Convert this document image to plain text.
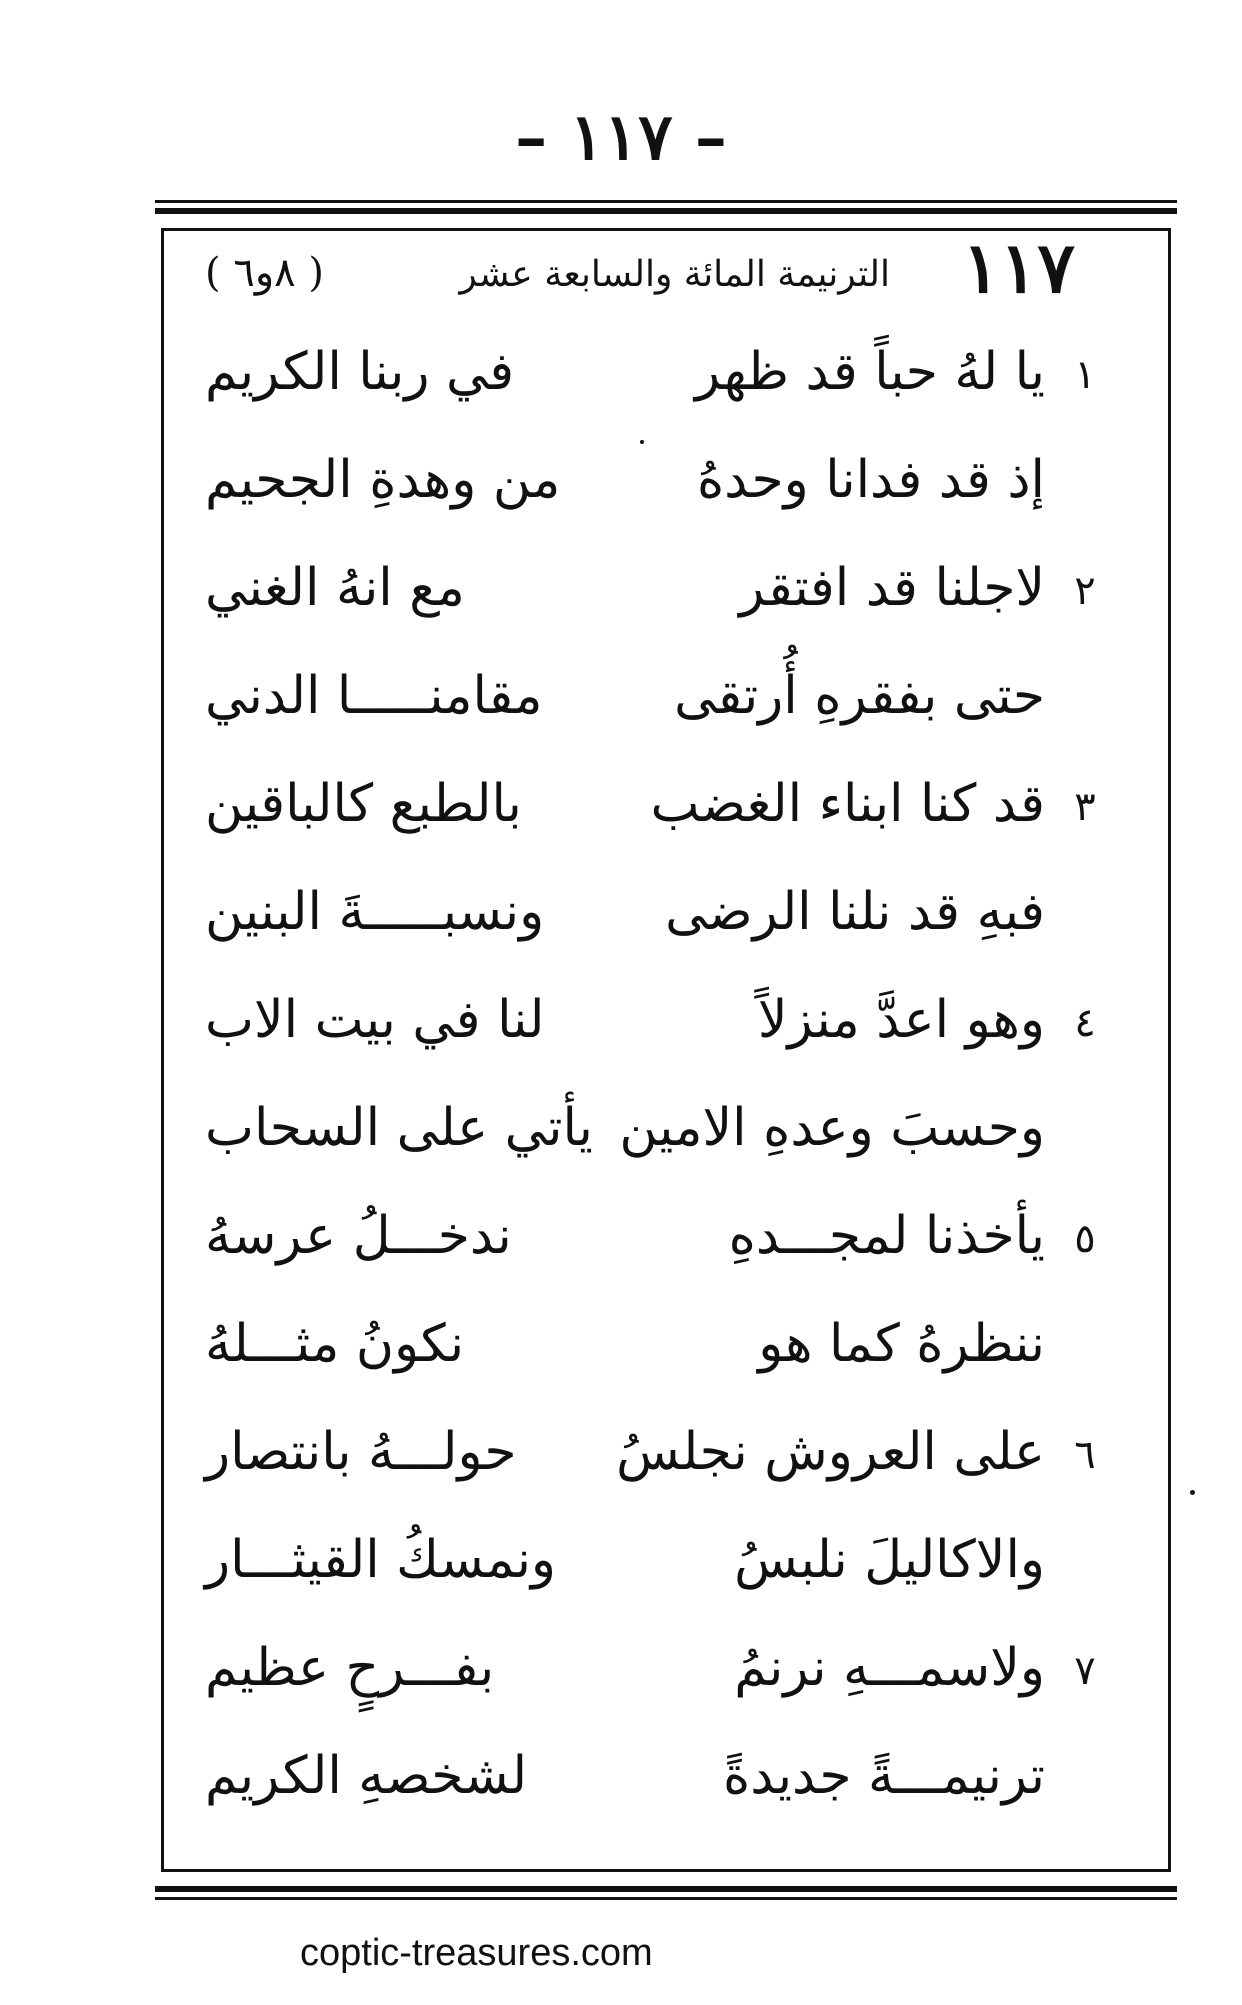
– ١١٧ –
١١٧
الترنيمة المائة والسابعة عشر
( ٨و٦ )
١
يا لهُ حباً قد ظهر
في ربنا الكريم
إذ قد فدانا وحدهُ
من وهدةِ الجحيم
٢
لاجلنا قد افتقر
مع انهُ الغني
حتى بفقرهِ أُرتقى
مقامنـــــا الدني
٣
قد كنا ابناء الغضب
بالطبع كالباقين
فبهِ قد نلنا الرضى
ونسبـــــةَ البنين
٤
وهو اعدَّ منزلاً
لنا في بيت الاب
وحسبَ وعدهِ الامين
يأتي على السحاب
٥
يأخذنا لمجـــدهِ
ندخـــلُ عرسهُ
ننظرهُ كما هو
نكونُ مثـــلهُ
٦
على العروش نجلسُ
حولـــهُ بانتصار
والاكاليلَ نلبسُ
ونمسكُ القيثـــار
٧
ولاسمـــهِ نرنمُ
بفـــرحٍ عظيم
ترنيمـــةً جديدةً
لشخصهِ الكريم
coptic-treasures.com
